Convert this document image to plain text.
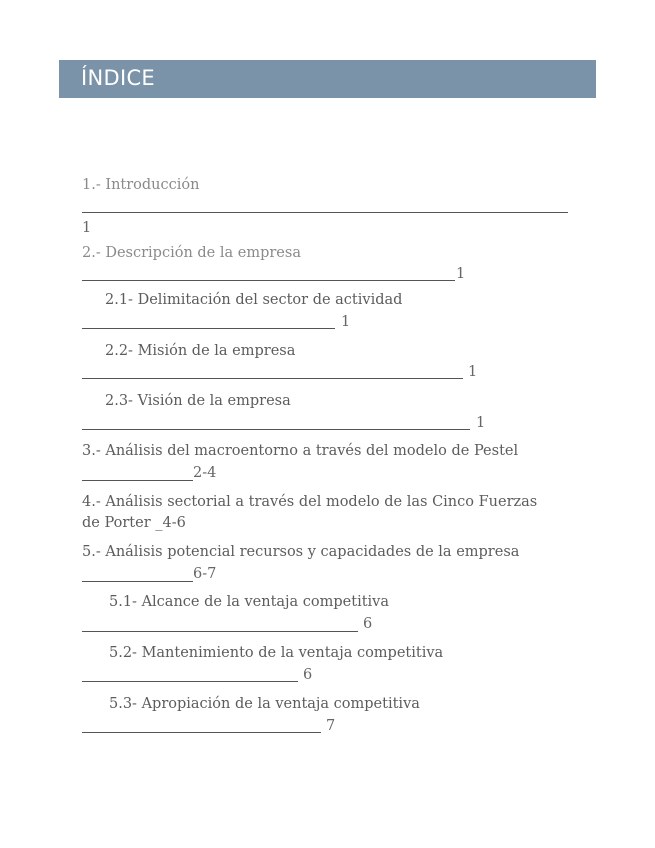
ÍNDICE
1.- Introducción
1
2.- Descripción de la empresa
1
2.1- Delimitación del sector de actividad
1
2.2- Misión de la empresa
1
2.3- Visión de la empresa
1
3.- Análisis del macroentorno a través del modelo de Pestel
2-4
4.- Análisis sectorial a través del modelo de las Cinco Fuerzas
de Porter _4-6
5.- Análisis potencial recursos y capacidades de la empresa
6-7
5.1- Alcance de la ventaja competitiva
6
5.2- Mantenimiento de la ventaja competitiva
6
5.3- Apropiación de la ventaja competitiva
7
